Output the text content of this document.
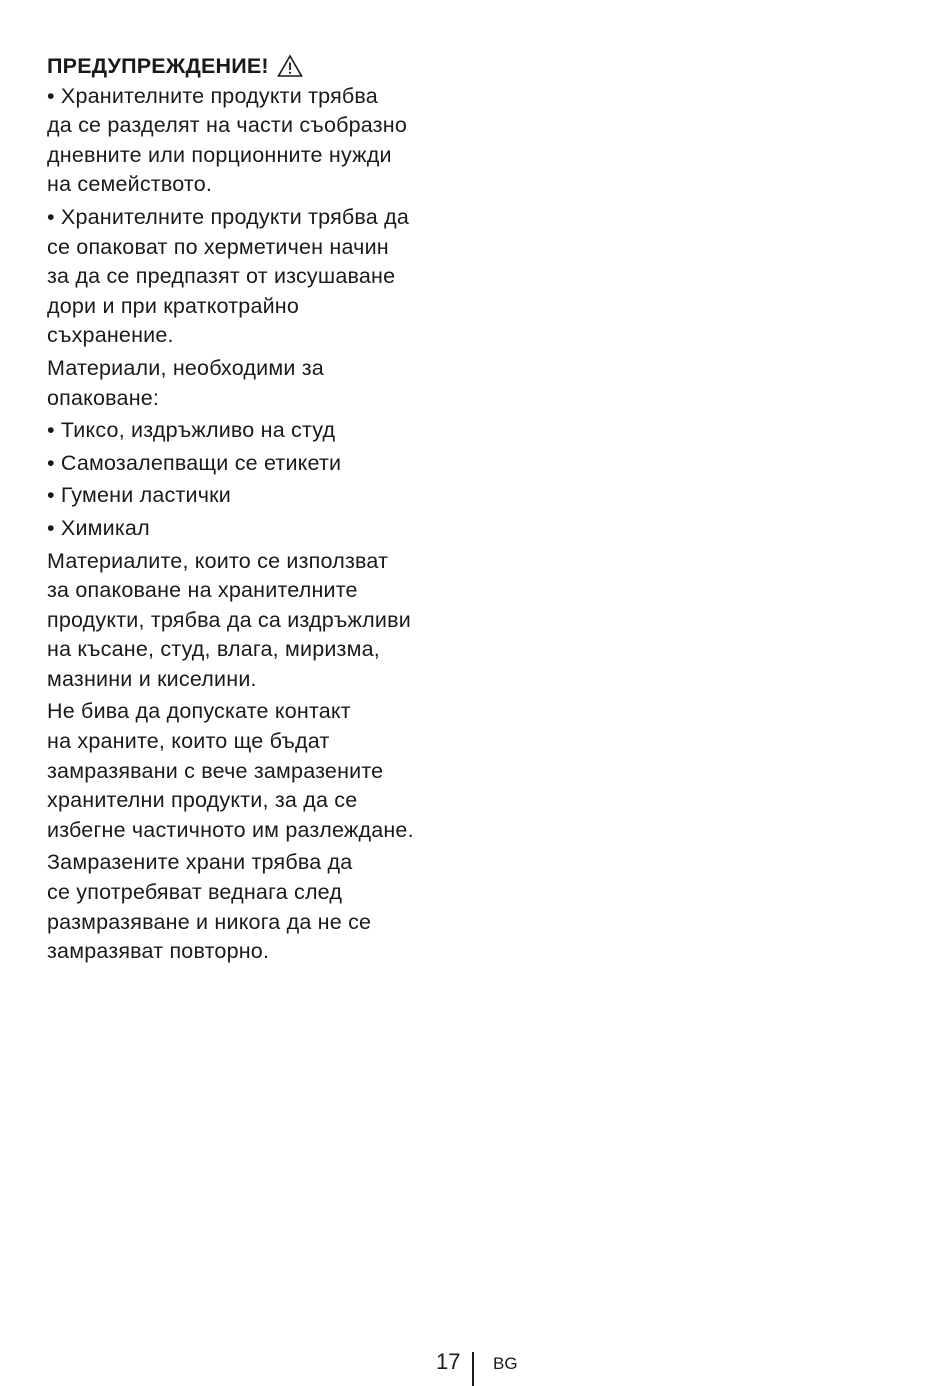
ПРЕДУПРЕЖДЕНИЕ!

• Хранителните продукти трябва
да се разделят на части съобразно
дневните или порционните нужди
на семейството.

• Хранителните продукти трябва да
се опаковат по херметичен начин
за да се предпазят от изсушаване
дори и при краткотрайно
съхранение.

Материали, необходими за
опаковане:

• Тиксо, издръжливо на студ

• Самозалепващи се етикети

• Гумени ластички

• Химикал

Материалите, които се използват
за опаковане на хранителните
продукти, трябва да са издръжливи
на късане, студ, влага, миризма,
мазнини и киселини.

Не бива да допускате контакт
на храните, които ще бъдат
замразявани с вече замразените
хранителни продукти, за да се
избегне частичното им разлеждане.

Замразените храни трябва да
се употребяват веднага след
размразяване и никога да не се
замразяват повторно.

17 BG
